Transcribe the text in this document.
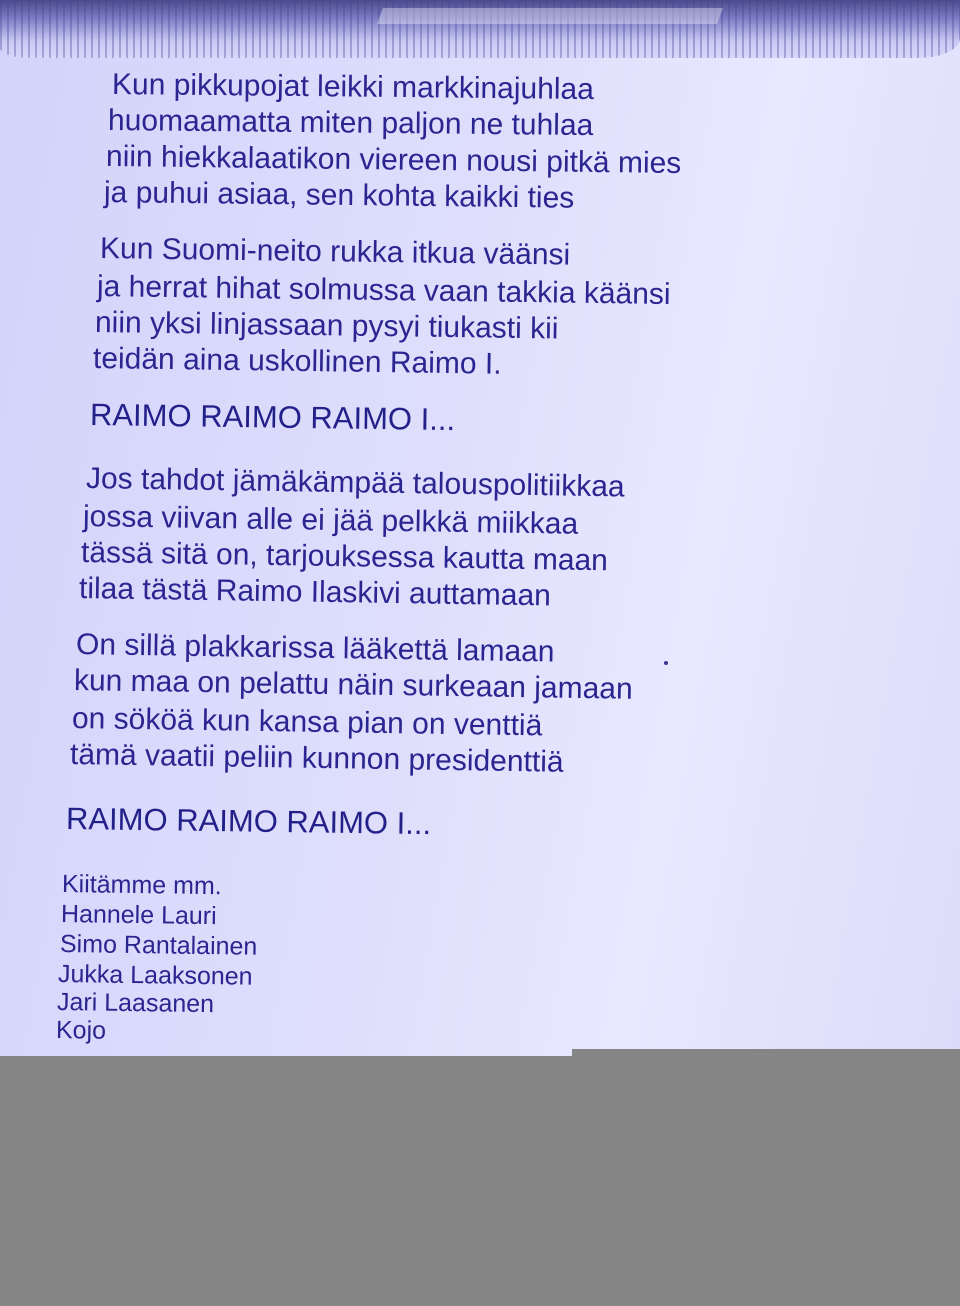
Kun pikkupojat leikki markkinajuhlaa
huomaamatta miten paljon ne tuhlaa
niin hiekkalaatikon viereen nousi pitkä mies
ja puhui asiaa, sen kohta kaikki ties
Kun Suomi-neito rukka itkua väänsi
ja herrat hihat solmussa vaan takkia käänsi
niin yksi linjassaan pysyi tiukasti kii
teidän aina uskollinen Raimo I.
RAIMO RAIMO RAIMO I...
Jos tahdot jämäkämpää talouspolitiikkaa
jossa viivan alle ei jää pelkkä miikkaa
tässä sitä on, tarjouksessa kautta maan
tilaa tästä Raimo Ilaskivi auttamaan
On sillä plakkarissa lääkettä lamaan
kun maa on pelattu näin surkeaan jamaan
on sököä kun kansa pian on venttiä
tämä vaatii peliin kunnon presidenttiä
RAIMO RAIMO RAIMO I...
Kiitämme mm.
Hannele Lauri
Simo Rantalainen
Jukka Laaksonen
Jari Laasanen
Kojo
